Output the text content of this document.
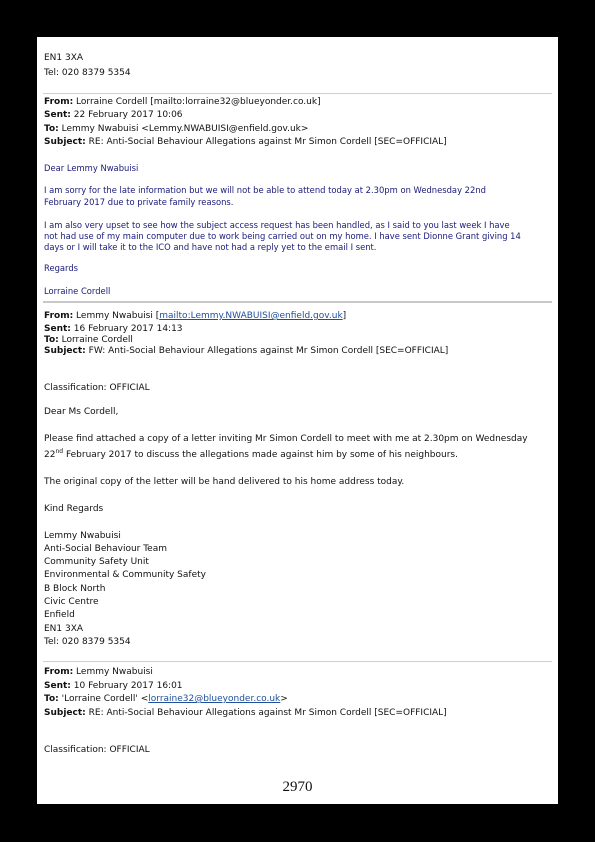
EN1 3XA
Tel: 020 8379 5354
From: Lorraine Cordell [mailto:lorraine32@blueyonder.co.uk]
Sent: 22 February 2017 10:06
To: Lemmy Nwabuisi <Lemmy.NWABUISI@enfield.gov.uk>
Subject: RE: Anti-Social Behaviour Allegations against Mr Simon Cordell [SEC=OFFICIAL]
Dear Lemmy Nwabuisi
I am sorry for the late information but we will not be able to attend today at 2.30pm on Wednesday 22nd
February 2017 due to private family reasons.
I am also very upset to see how the subject access request has been handled, as I said to you last week I have
not had use of my main computer due to work being carried out on my home. I have sent Dionne Grant giving 14
days or I will take it to the ICO and have not had a reply yet to the email I sent.
Regards
Lorraine Cordell
From: Lemmy Nwabuisi [mailto:Lemmy.NWABUISI@enfield.gov.uk]
Sent: 16 February 2017 14:13
To: Lorraine Cordell
Subject: FW: Anti-Social Behaviour Allegations against Mr Simon Cordell [SEC=OFFICIAL]
Classification: OFFICIAL
Dear Ms Cordell,
Please find attached a copy of a letter inviting Mr Simon Cordell to meet with me at 2.30pm on Wednesday
22nd February 2017 to discuss the allegations made against him by some of his neighbours.
The original copy of the letter will be hand delivered to his home address today.
Kind Regards
Lemmy Nwabuisi
Anti-Social Behaviour Team
Community Safety Unit
Environmental & Community Safety
B Block North
Civic Centre
Enfield
EN1 3XA
Tel: 020 8379 5354
From: Lemmy Nwabuisi
Sent: 10 February 2017 16:01
To: 'Lorraine Cordell' <lorraine32@blueyonder.co.uk>
Subject: RE: Anti-Social Behaviour Allegations against Mr Simon Cordell [SEC=OFFICIAL]
Classification: OFFICIAL
2970
